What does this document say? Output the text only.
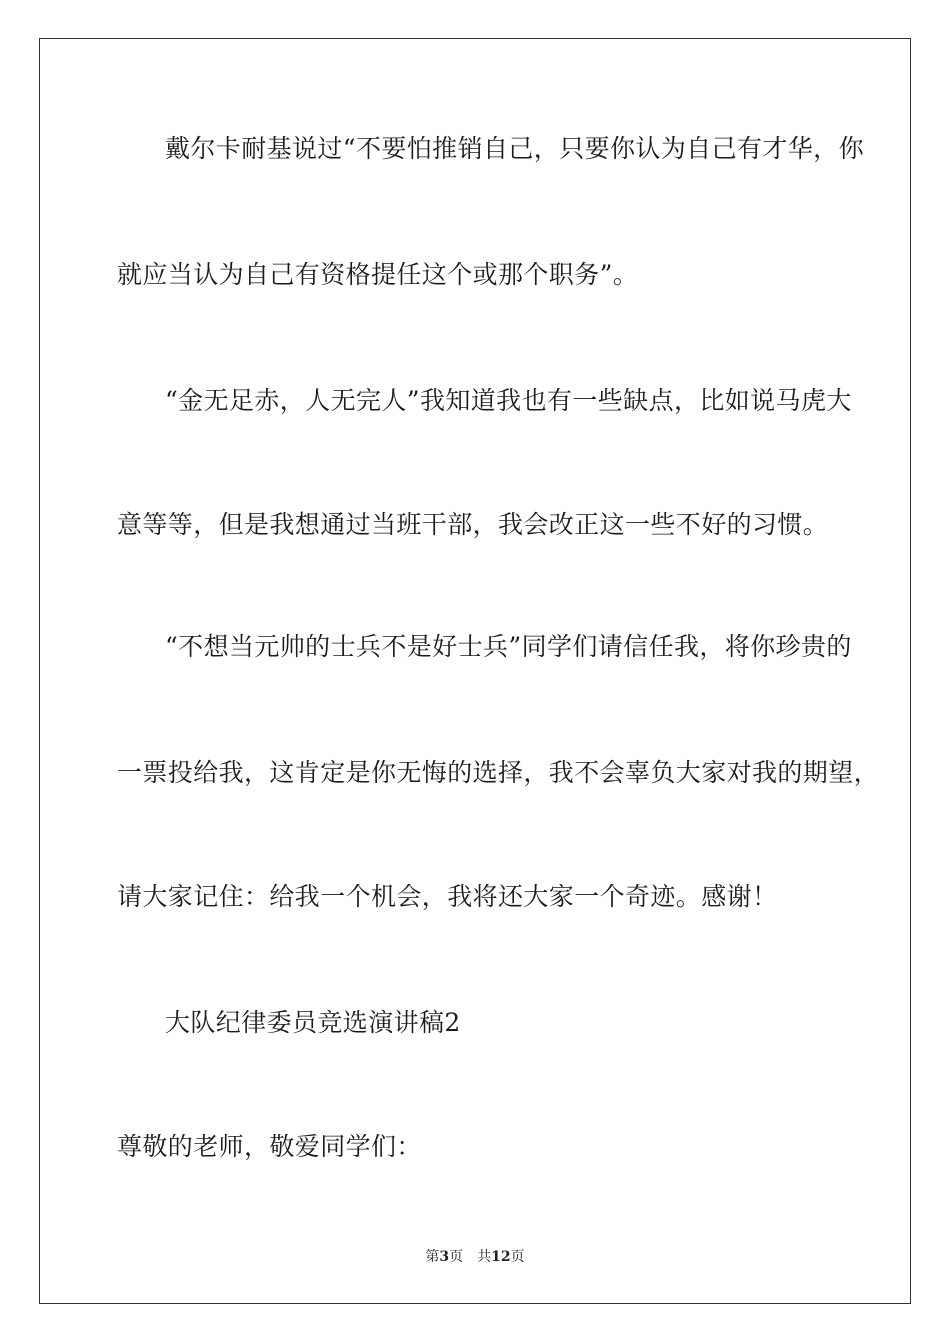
戴尔卡耐基说过“不要怕推销自己，只要你认为自己有才华，你
就应当认为自己有资格提任这个或那个职务”。
“金无足赤，人无完人”我知道我也有一些缺点，比如说马虎大
意等等，但是我想通过当班干部，我会改正这一些不好的习惯。
“不想当元帅的士兵不是好士兵”同学们请信任我，将你珍贵的
一票投给我，这肯定是你无悔的选择，我不会辜负大家对我的期望，
请大家记住：给我一个机会，我将还大家一个奇迹。感谢！
大队纪律委员竞选演讲稿2
尊敬的老师，敬爱同学们：
第3页 共12页
